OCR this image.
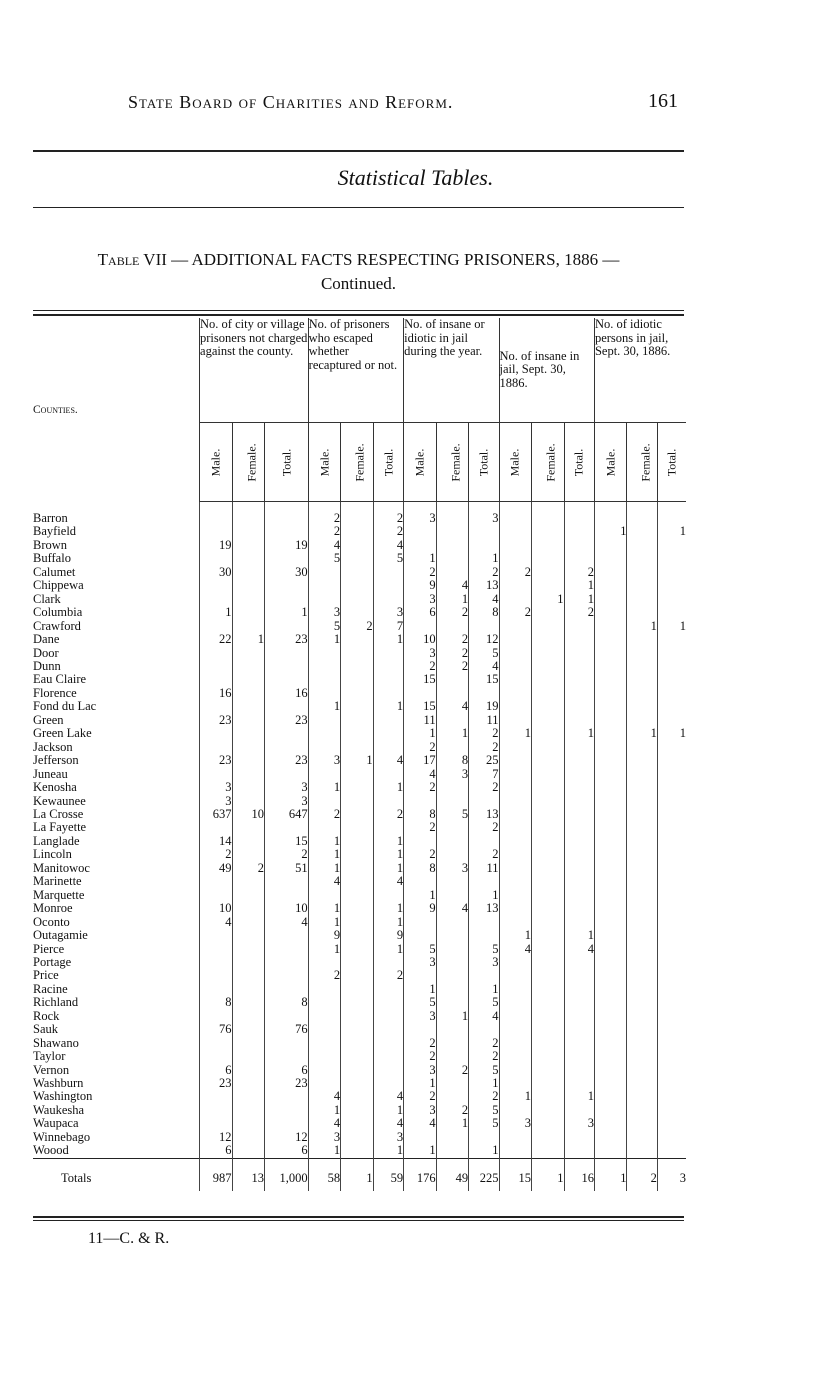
State Board of Charities and Reform.	161
Statistical Tables.
Table VII — ADDITIONAL FACTS RESPECTING PRISONERS, 1886 —
Continued.
Counties.	No. of city or village prisoners not charged against the county.			No. of prisoners who escaped whether recaptured or not.			No. of insane or idiotic in jail during the year.			No. of insane in jail, Sept. 30, 1886.			No. of idiotic persons in jail, Sept. 30, 1886.		
	Male.	Female.	Total.	Male.	Female.	Total.	Male.	Female.	Total.	Male.	Female.	Total.	Male.	Female.	Total.
Barron				2		2	3		3						
Bayfield				2		2							1		1
Brown	19		19	4		4									
Buffalo				5		5	1		1						
Calumet	30		30				2		2	2		2			
Chippewa							9	4	13			1			
Clark							3	1	4		1	1			
Columbia	1		1	3		3	6	2	8	2		2			
Crawford				5	2	7								1	1
Dane	22	1	23	1		1	10	2	12						
Door							3	2	5						
Dunn							2	2	4						
Eau Claire							15		15						
Florence	16		16												
Fond du Lac				1		1	15	4	19						
Green	23		23				11		11						
Green Lake							1	1	2	1		1		1	1
Jackson							2		2						
Jefferson	23		23	3	1	4	17	8	25						
Juneau							4	3	7						
Kenosha	3		3	1		1	2		2						
Kewaunee	3		3												
La Crosse	637	10	647	2		2	8	5	13						
La Fayette							2		2						
Langlade	14		15	1		1									
Lincoln	2		2	1		1	2		2						
Manitowoc	49	2	51	1		1	8	3	11						
Marinette				4		4									
Marquette							1		1						
Monroe	10		10	1		1	9	4	13						
Oconto	4		4	1		1									
Outagamie				9		9				1		1			
Pierce				1		1	5		5	4		4			
Portage							3		3						
Price				2		2									
Racine							1		1						
Richland	8		8				5		5						
Rock							3	1	4						
Sauk	76		76												
Shawano							2		2						
Taylor							2		2						
Vernon	6		6				3	2	5						
Washburn	23		23				1		1						
Washington				4		4	2		2	1		1			
Waukesha				1		1	3	2	5						
Waupaca				4		4	4	1	5	3		3			
Winnebago	12		12	3		3									
Woood	6		6	1		1	1		1						
Totals	987	13	1,000	58	1	59	176	49	225	15	1	16	1	2	3
11—C. & R.
